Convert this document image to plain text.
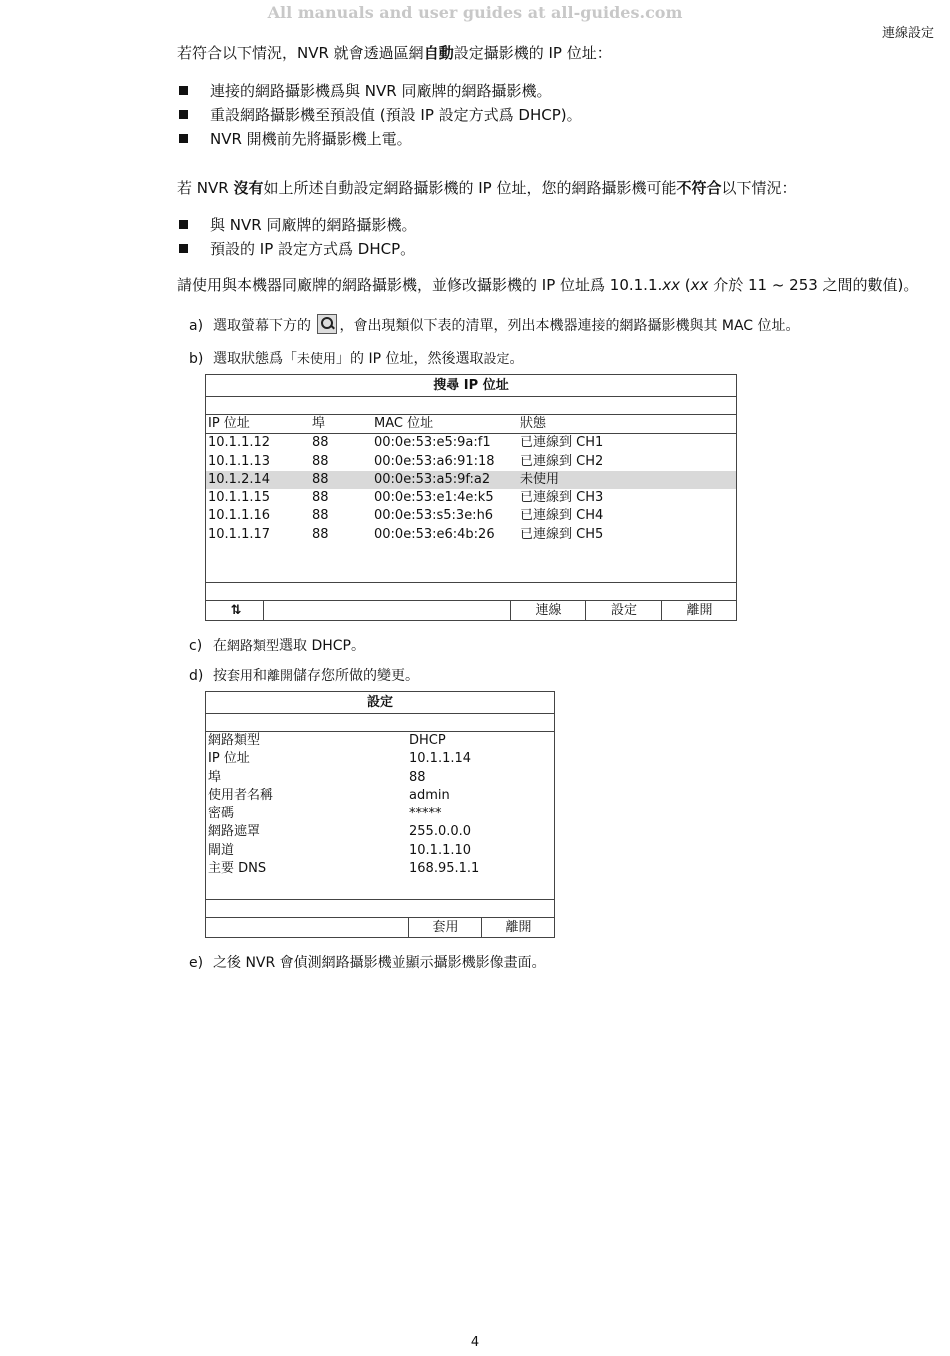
All manuals and user guides at all-guides.com
連線設定
若符合以下情況，NVR 就會透過區網自動設定攝影機的 IP 位址：
連接的網路攝影機爲與 NVR 同廠牌的網路攝影機。
重設網路攝影機至預設值 (預設 IP 設定方式爲 DHCP)。
NVR 開機前先將攝影機上電。
若 NVR 沒有如上所述自動設定網路攝影機的 IP 位址，您的網路攝影機可能不符合以下情況：
與 NVR 同廠牌的網路攝影機。
預設的 IP 設定方式爲 DHCP。
請使用與本機器同廠牌的網路攝影機，並修改攝影機的 IP 位址爲 10.1.1.xx (xx 介於 11 ~ 253 之間的數值)。
a) 選取螢幕下方的 ，會出現類似下表的清單，列出本機器連接的網路攝影機與其 MAC 位址。
b) 選取狀態爲「未使用」的 IP 位址，然後選取設定。
搜尋 IP 位址
IP 位址	埠	MAC 位址	狀態
10.1.1.12	88	00:0e:53:e5:9a:f1 已連線到 CH1
10.1.1.13	88	00:0e:53:a6:91:18 已連線到 CH2
10.1.2.14	88	00:0e:53:a5:9f:a2 未使用
10.1.1.15	88	00:0e:53:e1:4e:k5 已連線到 CH3
10.1.1.16	88	00:0e:53:s5:3e:h6 已連線到 CH4
10.1.1.17	88	00:0e:53:e6:4b:26 已連線到 CH5
⇅	連線	設定	離開
c) 在網路類型選取 DHCP。
d) 按套用和離開儲存您所做的變更。
設定
網路類型	DHCP
IP 位址	10.1.1.14
埠	88
使用者名稱	admin
密碼	*****
網路遮罩	255.0.0.0
閘道	10.1.1.10
主要 DNS	168.95.1.1
套用	離開
e) 之後 NVR 會偵測網路攝影機並顯示攝影機影像畫面。
4
